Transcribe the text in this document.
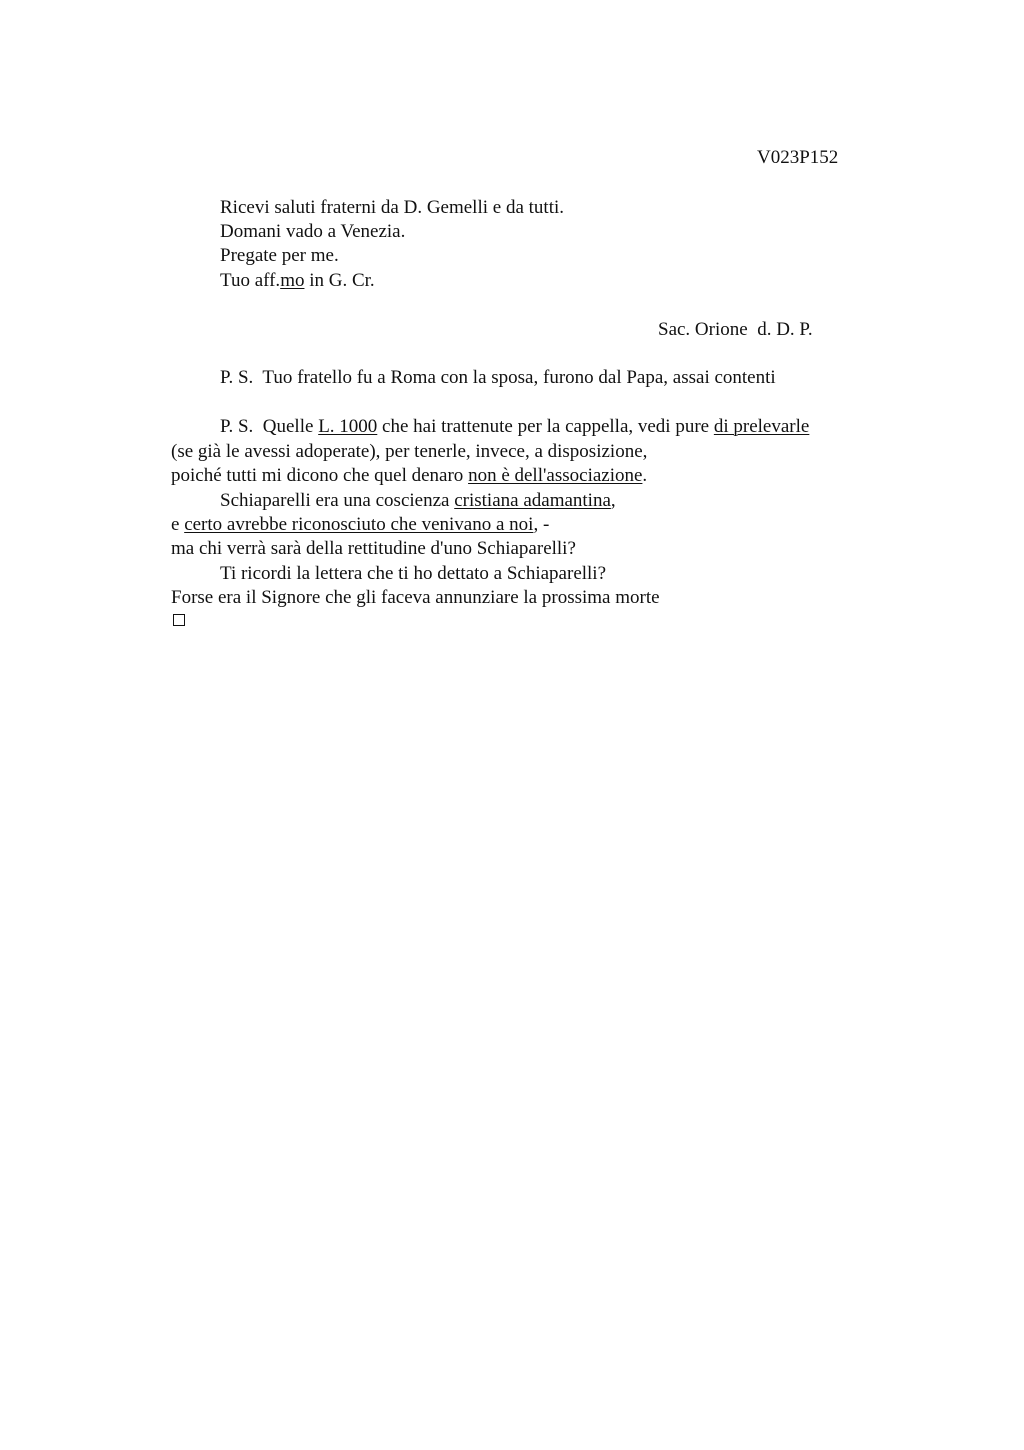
V023P152
Ricevi saluti fraterni da D. Gemelli e da tutti.
Domani vado a Venezia.
Pregate per me.
Tuo aff.mo in G. Cr.
Sac. Orione  d. D. P.
P. S.  Tuo fratello fu a Roma con la sposa, furono dal Papa, assai contenti
P. S.  Quelle L. 1000 che hai trattenute per la cappella, vedi pure di prelevarle
(se già le avessi adoperate), per tenerle, invece, a disposizione,
poiché tutti mi dicono che quel denaro non è dell'associazione.
Schiaparelli era una coscienza cristiana adamantina,
e certo avrebbe riconosciuto che venivano a noi, -
ma chi verrà sarà della rettitudine d'uno Schiaparelli?
Ti ricordi la lettera che ti ho dettato a Schiaparelli?
Forse era il Signore che gli faceva annunziare la prossima morte
